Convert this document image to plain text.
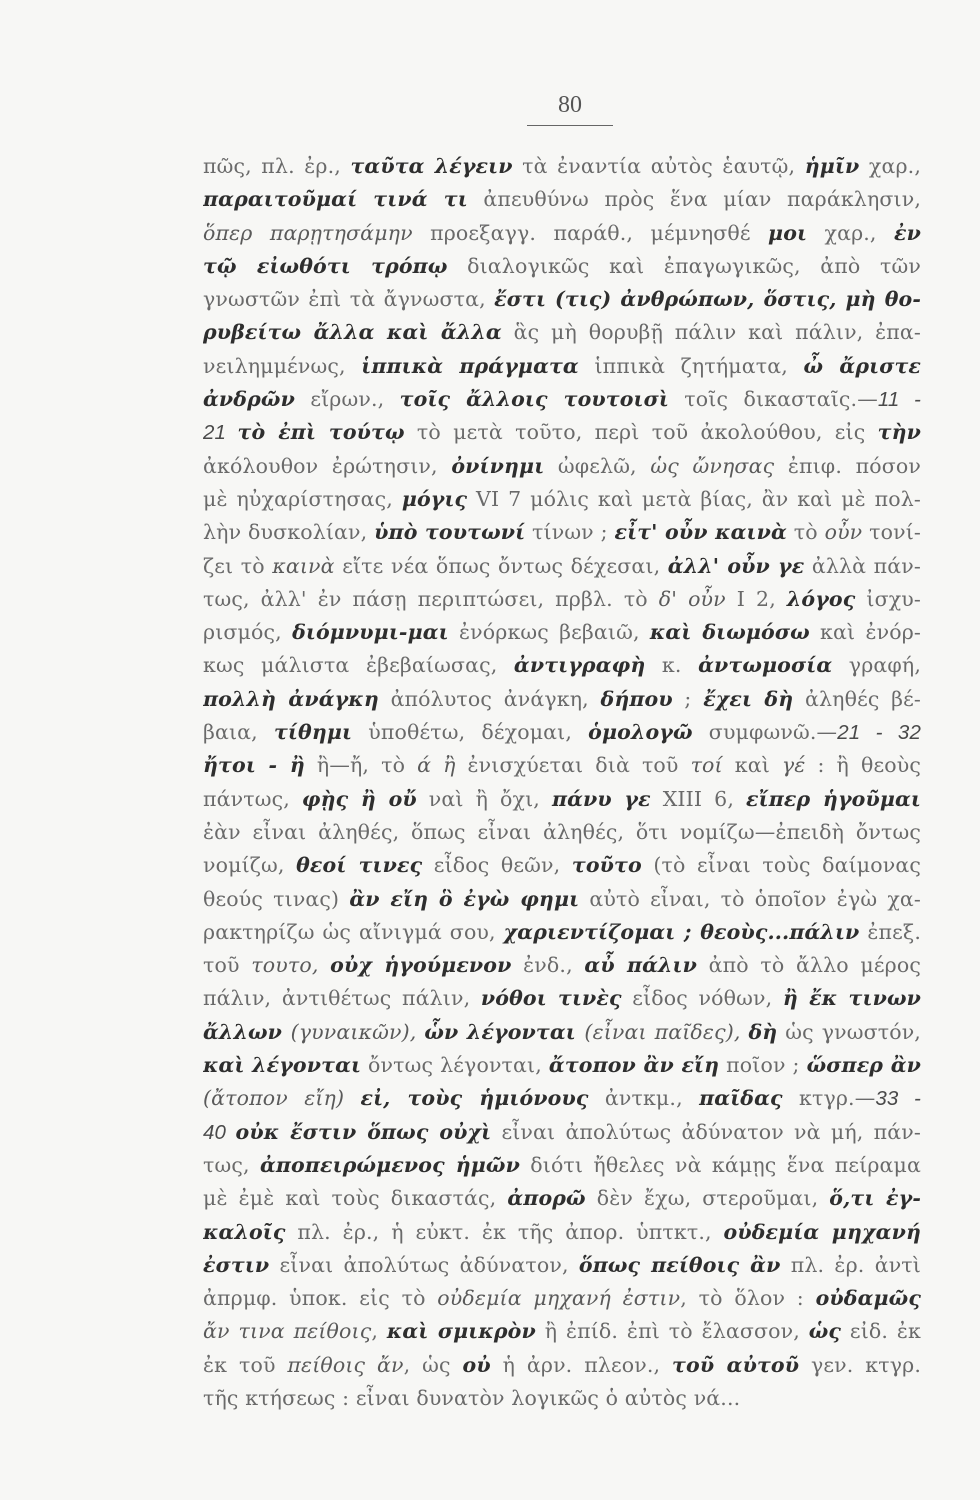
80
πῶς, πλ. ἐρ., ταῦτα λέγειν τὰ ἐναντία αὐτὸς ἑαυτῷ, ἡμῖν χαρ.,
παραιτοῦμαί τινά τι ἀπευθύνω πρὸς ἕνα μίαν παράκλησιν,
ὅπερ παρῃτησάμην προεξαγγ. παράθ., μέμνησθέ μοι χαρ., ἐν
τῷ εἰωθότι τρόπῳ διαλογικῶς καὶ ἐπαγωγικῶς, ἀπὸ τῶν
γνωστῶν ἐπὶ τὰ ἄγνωστα, ἔστι (τις) ἀνθρώπων, ὅστις, μὴ θο-
ρυβείτω ἄλλα καὶ ἄλλα ἃς μὴ θορυβῇ πάλιν καὶ πάλιν, ἐπα-
νειλημμένως, ἱππικὰ πράγματα ἱππικὰ ζητήματα, ὦ ἄριστε
ἀνδρῶν εἴρων., τοῖς ἄλλοις τουτοισὶ τοῖς δικασταῖς.—11 -
21 τὸ ἐπὶ τούτῳ τὸ μετὰ τοῦτο, περὶ τοῦ ἀκολούθου, εἰς τὴν
ἀκόλουθον ἐρώτησιν, ὀνίνημι ὠφελῶ, ὡς ὤνησας ἐπιφ. πόσον
μὲ ηὐχαρίστησας, μόγις VI 7 μόλις καὶ μετὰ βίας, ἂν καὶ μὲ πολ-
λὴν δυσκολίαν, ὑπὸ τουτωνί τίνων ; εἶτ' οὖν καινὰ τὸ οὖν τονί-
ζει τὸ καινὰ εἴτε νέα ὅπως ὄντως δέχεσαι, ἀλλ' οὖν γε ἀλλὰ πάν-
τως, ἀλλ' ἐν πάσῃ περιπτώσει, πρβλ. τὸ δ' οὖν I 2, λόγος ἰσχυ-
ρισμός, διόμνυμι-μαι ἐνόρκως βεβαιῶ, καὶ διωμόσω καὶ ἐνόρ-
κως μάλιστα ἐβεβαίωσας, ἀντιγραφὴ κ. ἀντωμοσία γραφή,
πολλὴ ἀνάγκη ἀπόλυτος ἀνάγκη, δήπου ; ἔχει δὴ ἀληθές βέ-
βαια, τίθημι ὑποθέτω, δέχομαι, ὁμολογῶ συμφωνῶ.—21 - 32
ἤτοι - ἢ ἢ—ἤ, τὸ ά ἢ ἐνισχύεται διὰ τοῦ τοί καὶ γέ : ἢ θεοὺς
πάντως, φῂς ἢ οὔ ναὶ ἢ ὄχι, πάνυ γε XIII 6, εἴπερ ἡγοῦμαι
ἐὰν εἶναι ἀληθές, ὅπως εἶναι ἀληθές, ὅτι νομίζω—ἐπειδὴ ὄντως
νομίζω, θεοί τινες εἶδος θεῶν, τοῦτο (τὸ εἶναι τοὺς δαίμονας
θεούς τινας) ἂν εἴη ὃ ἐγὼ φημι αὐτὸ εἶναι, τὸ ὁποῖον ἐγὼ χα-
ρακτηρίζω ὡς αἴνιγμά σου, χαριεντίζομαι ; θεοὺς...πάλιν ἐπεξ.
τοῦ τουτο, οὐχ ἡγούμενον ἐνδ., αὖ πάλιν ἀπὸ τὸ ἄλλο μέρος
πάλιν, ἀντιθέτως πάλιν, νόθοι τινὲς εἶδος νόθων, ἢ ἔκ τινων
ἄλλων (γυναικῶν), ὧν λέγονται (εἶναι παῖδες), δὴ ὡς γνωστόν,
καὶ λέγονται ὄντως λέγονται, ἄτοπον ἂν εἴη ποῖον ; ὥσπερ ἂν
(ἄτοπον εἴη) εἰ, τοὺς ἡμιόνους ἀντκμ., παῖδας κτγρ.—33 -
40 οὐκ ἔστιν ὅπως οὐχὶ εἶναι ἀπολύτως ἀδύνατον νὰ μή, πάν-
τως, ἀποπειρώμενος ἡμῶν διότι ἤθελες νὰ κάμῃς ἕνα πείραμα
μὲ ἐμὲ καὶ τοὺς δικαστάς, ἀπορῶ δὲν ἔχω, στεροῦμαι, ὅ,τι ἐγ-
καλοῖς πλ. ἐρ., ἡ εὐκτ. ἐκ τῆς ἀπορ. ὑπτκτ., οὐδεμία μηχανή
ἐστιν εἶναι ἀπολύτως ἀδύνατον, ὅπως πείθοις ἂν πλ. ἐρ. ἀντὶ
ἀπρμφ. ὑποκ. εἰς τὸ οὐδεμία μηχανή ἐστιν, τὸ ὅλον : οὐδαμῶς
ἄν τινα πείθοις, καὶ σμικρὸν ἢ ἐπίδ. ἐπὶ τὸ ἔλασσον, ὡς εἰδ. ἐκ
ἐκ τοῦ πείθοις ἄν, ὡς οὐ ἡ ἀρν. πλεον., τοῦ αὐτοῦ γεν. κτγρ.
τῆς κτήσεως : εἶναι δυνατὸν λογικῶς ὁ αὐτὸς νά...
